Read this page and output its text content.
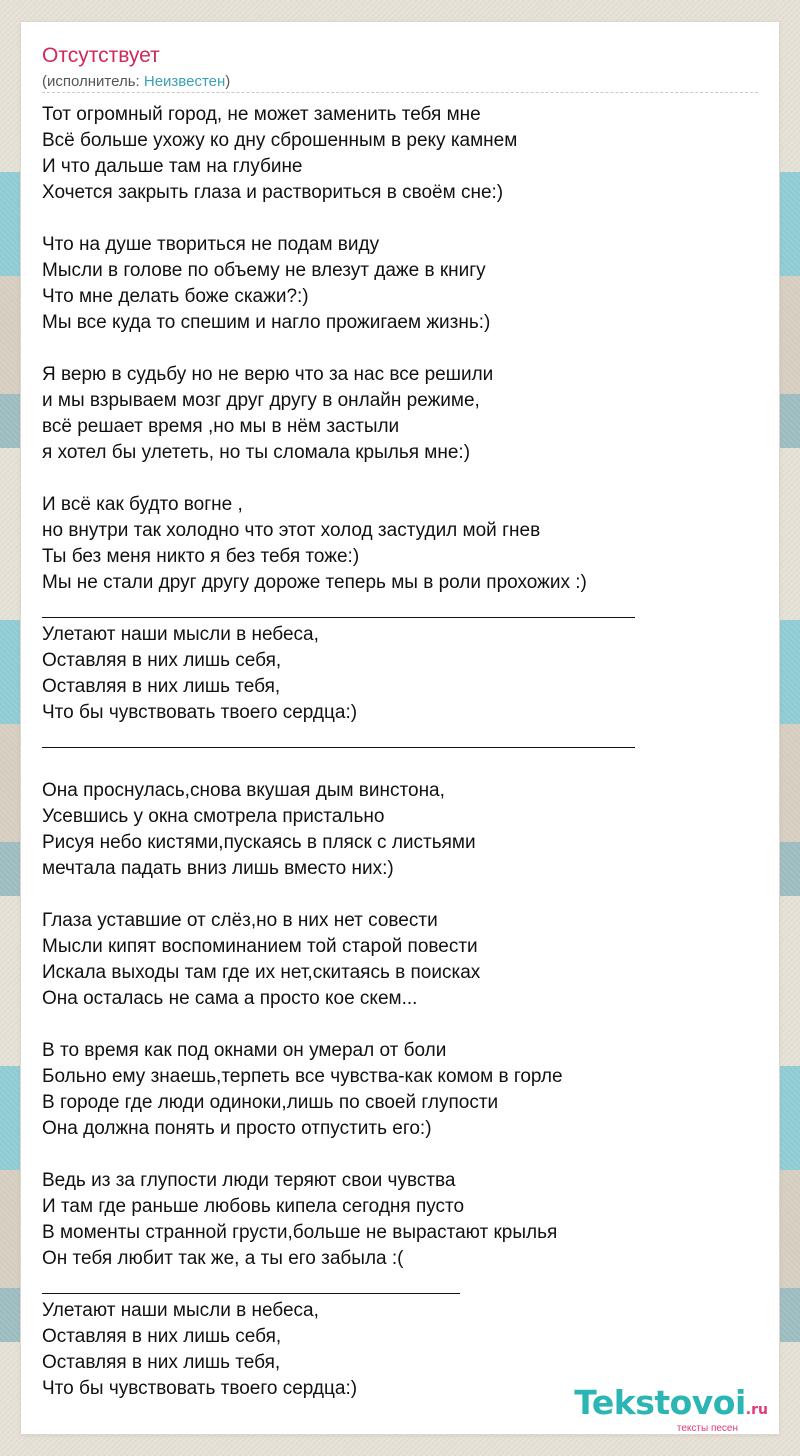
Отсутствует
(исполнитель: Неизвестен)
Тот огромный город, не может заменить тебя мне
Всё больше ухожу ко дну сброшенным в реку камнем
И что дальше там на глубине
Хочется закрыть глаза и раствориться в своём сне:)
Что на душе твориться не подам виду
Мысли в голове по объему не влезут даже в книгу
Что мне делать боже скажи?:)
Мы все куда то спешим и нагло прожигаем жизнь:)
Я верю в судьбу но не верю что за нас все решили
и мы взрываем мозг друг другу в онлайн режиме,
всё решает время ,но мы в нём застыли
я хотел бы улететь, но ты сломала крылья мне:)
И всё как будто вогне ,
но внутри так холодно что этот холод застудил мой гнев
Ты без меня никто я без тебя тоже:)
Мы не стали друг другу дороже теперь мы в роли прохожих :)
Улетают наши мысли в небеса,
Оставляя в них лишь себя,
Оставляя в них лишь тебя,
Что бы чувствовать твоего сердца:)
Она проснулась,снова вкушая дым винстона,
Усевшись у окна смотрела пристально
Рисуя небо кистями,пускаясь в пляск с листьями
мечтала падать вниз лишь вместо них:)
Глаза уставшие от слёз,но в них нет совести
Мысли кипят воспоминанием той старой повести
Искала выходы там где их нет,скитаясь в поисках
Она осталась не сама а просто кое скем...
В то время как под окнами он умерал от боли
Больно ему знаешь,терпеть все чувства-как комом в горле
В городе где люди одиноки,лишь по своей глупости
Она должна понять и просто отпустить его:)
Ведь из за глупости люди теряют свои чувства
И там где раньше любовь кипела сегодня пусто
В моменты странной грусти,больше не вырастают крылья
Он тебя любит так же, а ты его забыла :(
Улетают наши мысли в небеса,
Оставляя в них лишь себя,
Оставляя в них лишь тебя,
Что бы чувствовать твоего сердца:)	Tekstovoi.ru
тексты песен
